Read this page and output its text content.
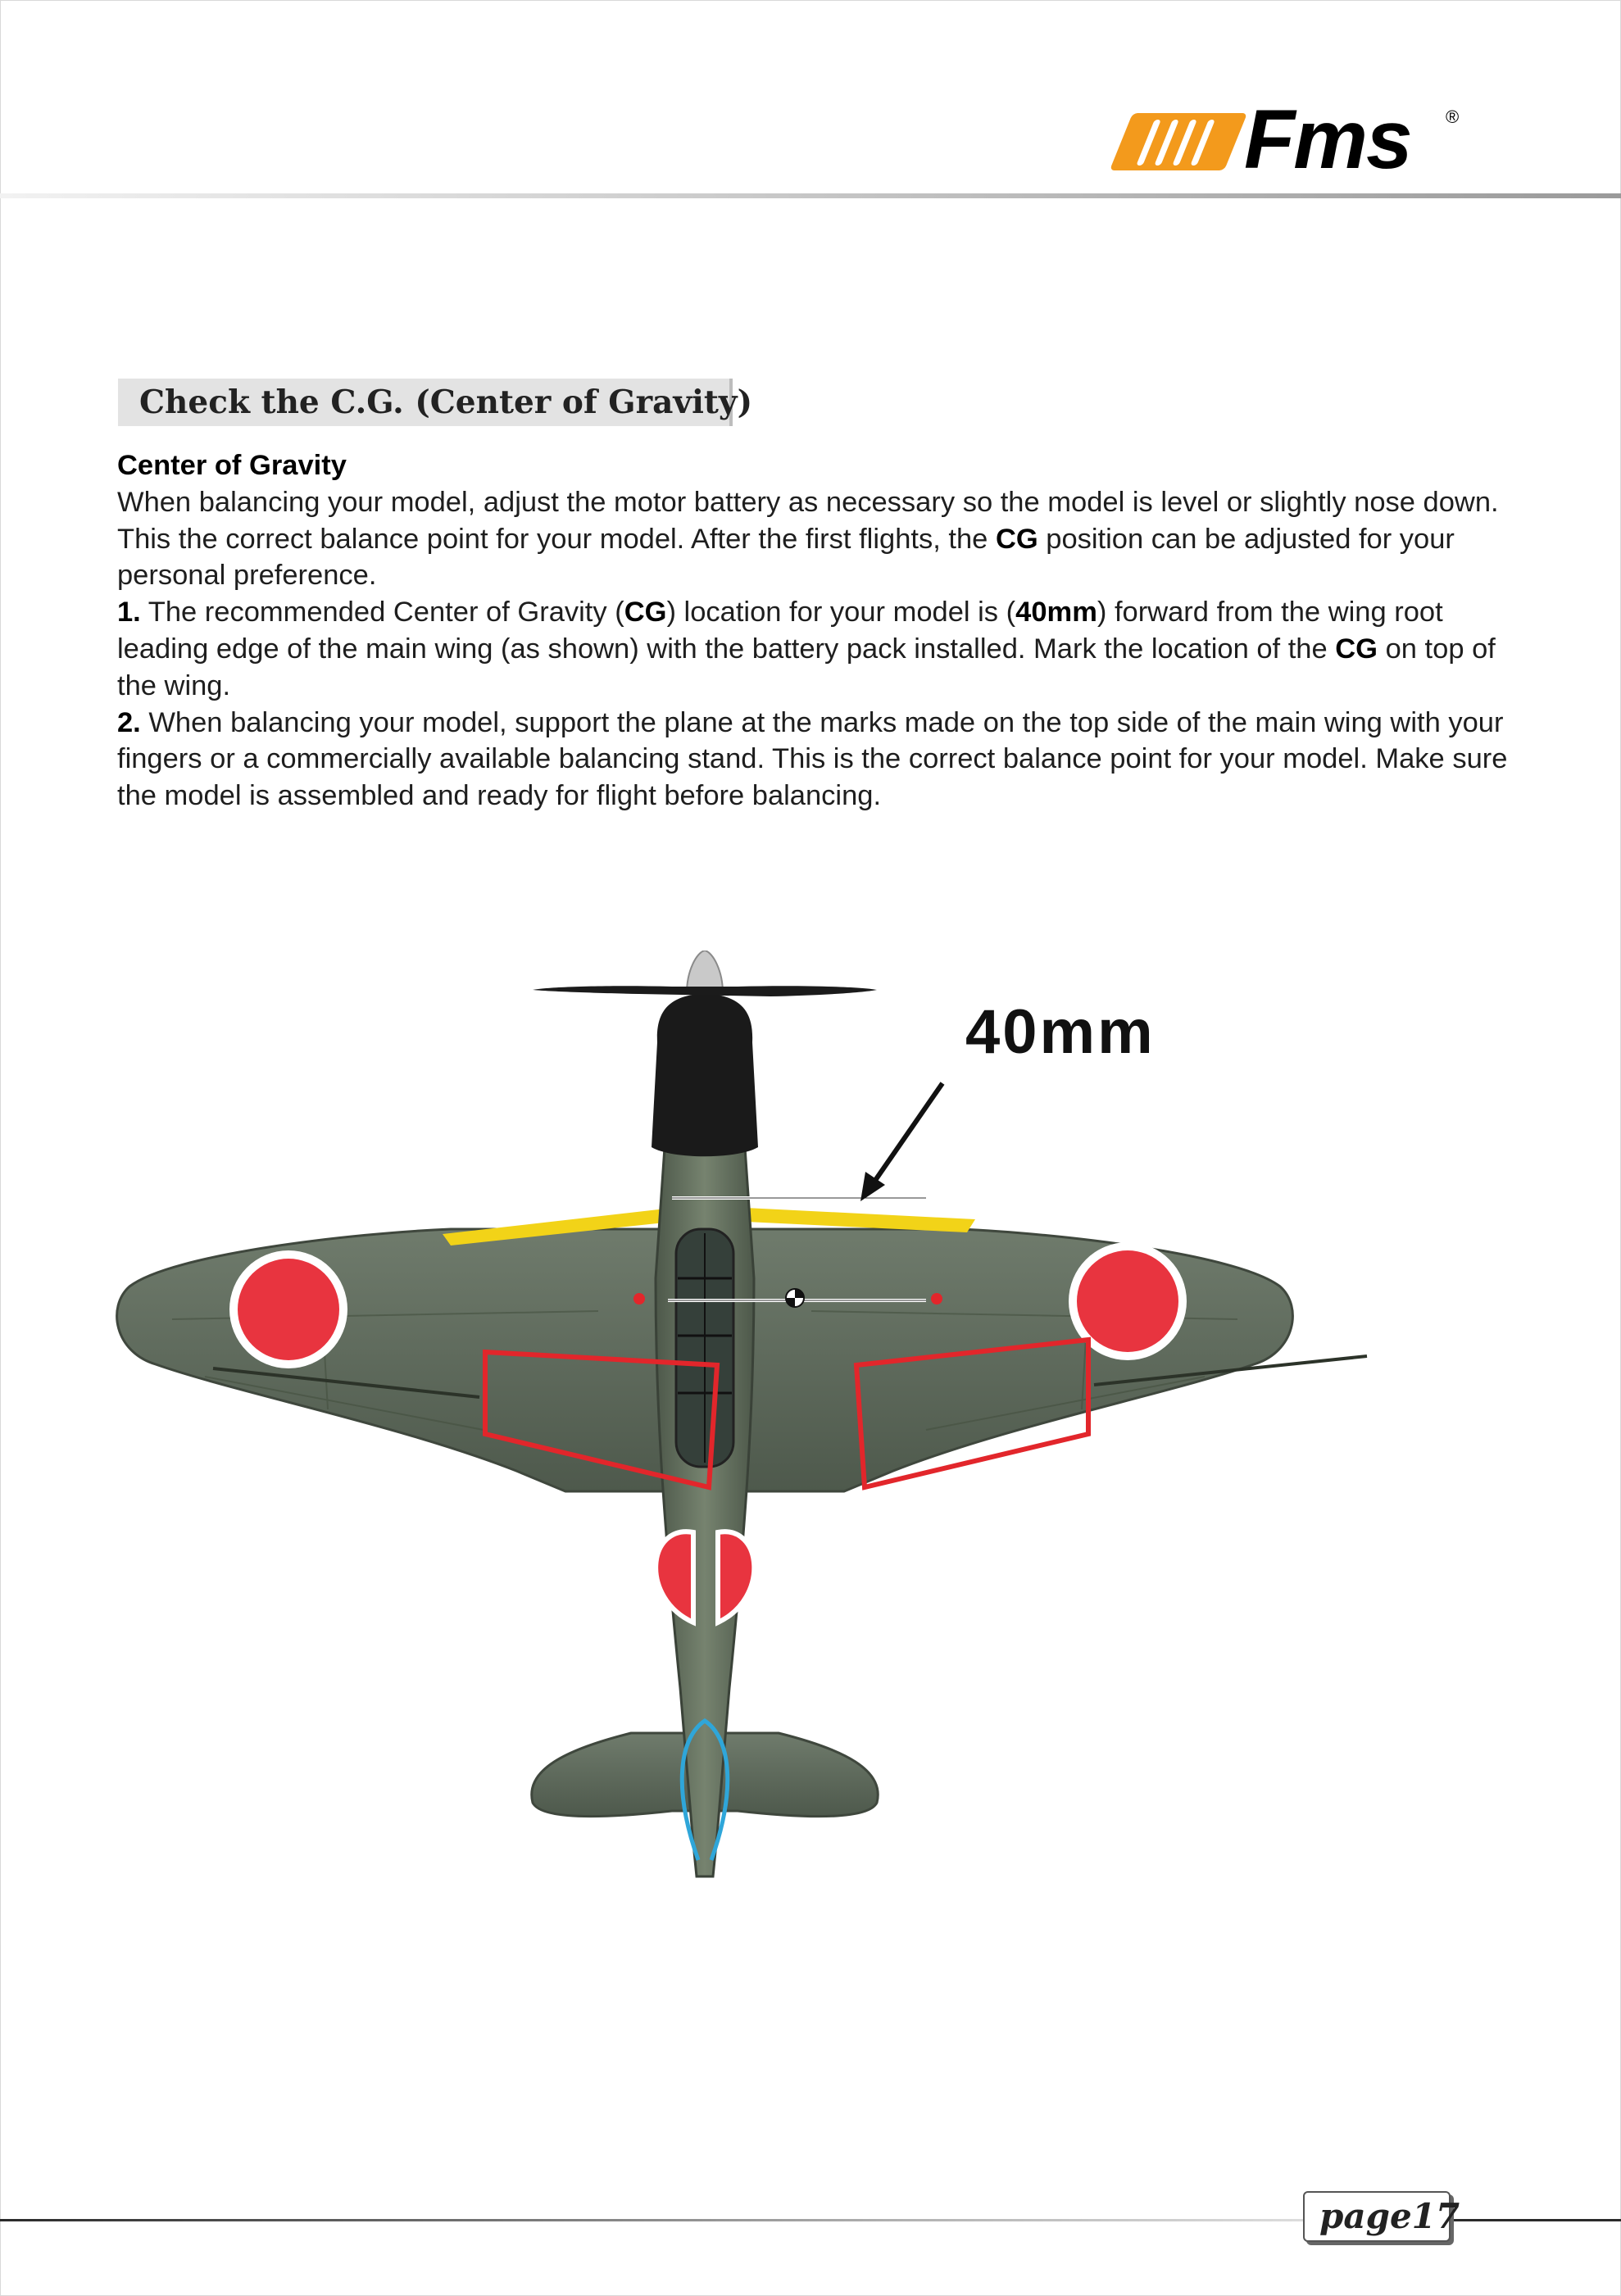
Fms ®
Check the C.G. (Center of Gravity)

Center of Gravity

When balancing your model, adjust the motor battery as necessary so the model is level or slightly nose down. This the correct balance point for your model. After the first flights, the CG position can be adjusted for your personal preference.

1. The recommended Center of Gravity (CG) location for your model is (40mm) forward from the wing root leading edge of the main wing (as shown) with the battery pack installed. Mark the location of the CG on top of the wing.

2. When balancing your model, support the plane at the marks made on the top side of the main wing with your fingers or a commercially available balancing stand. This is the correct balance point for your model. Make sure the model is assembled and ready for flight before balancing.

40mm
page17
